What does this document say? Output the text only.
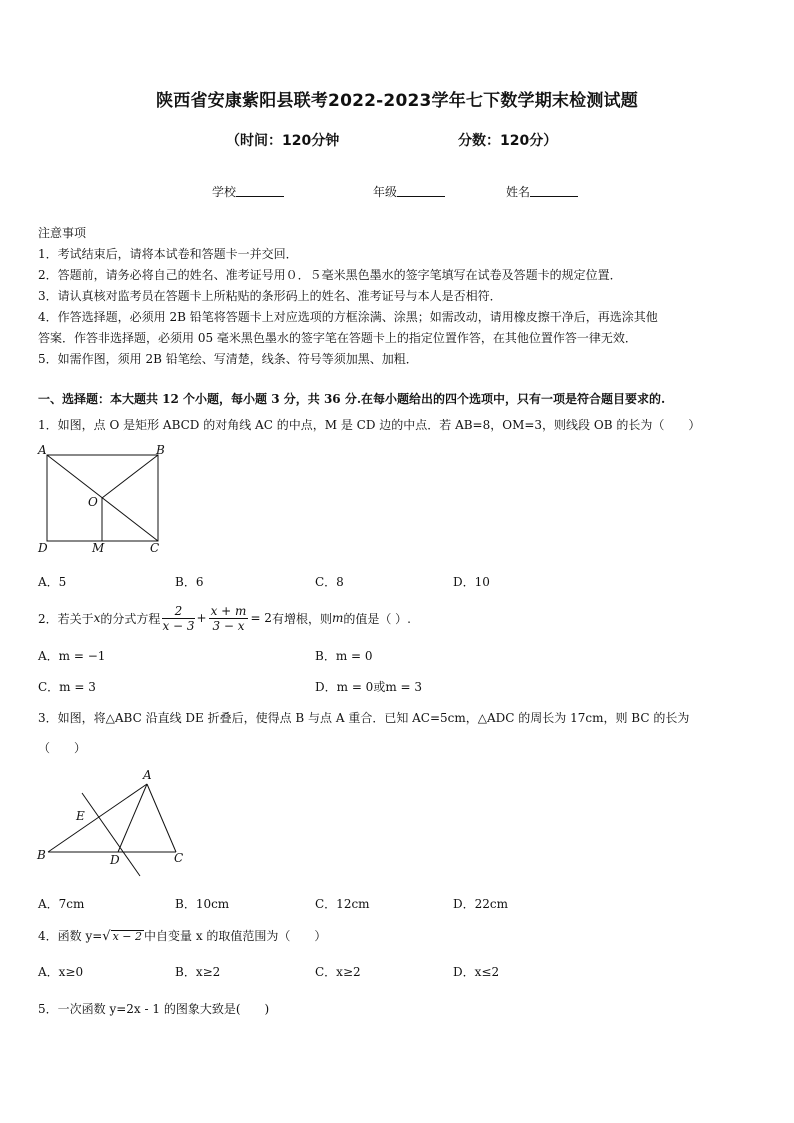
陕西省安康紫阳县联考2022-2023学年七下数学期末检测试题
（时间：120分钟	分数：120分）
学校	年级	姓名
注意事项
1．考试结束后，请将本试卷和答题卡一并交回．
2．答题前，请务必将自己的姓名、准考证号用０．５毫米黑色墨水的签字笔填写在试卷及答题卡的规定位置．
3．请认真核对监考员在答题卡上所粘贴的条形码上的姓名、准考证号与本人是否相符．
4．作答选择题，必须用 2B 铅笔将答题卡上对应选项的方框涂满、涂黑；如需改动，请用橡皮擦干净后，再选涂其他
答案．作答非选择题，必须用 05 毫米黑色墨水的签字笔在答题卡上的指定位置作答，在其他位置作答一律无效．
5．如需作图，须用 2B 铅笔绘、写清楚，线条、符号等须加黑、加粗．
一、选择题：本大题共 12 个小题，每小题 3 分，共 36 分.在每小题给出的四个选项中，只有一项是符合题目要求的.
1．如图，点 O 是矩形 ABCD 的对角线 AC 的中点，M 是 CD 边的中点．若 AB=8，OM=3，则线段 OB 的长为（　　）
A	B
O
D	M	C
A．5	B．6	C．8	D．10
2．若关于 x 的分式方程 $\frac{2}{x - 3} + \frac{x + m}{3 - x} = 2$ 有增根，则 m 的值是（ ）.
A．m = −1	B．m = 0
C．m = 3	D．m = 0或m = 3
3．如图，将△ABC 沿直线 DE 折叠后，使得点 B 与点 A 重合．已知 AC=5cm，△ADC 的周长为 17cm，则 BC 的长为
（　　）
A
E
B	D	C
A．7cm	B．10cm	C．12cm	D．22cm
4．函数 y=√ x − 2 中自变量 x 的取值范围为（　　）
A．x≥0	B．x≥2	C．x≥2	D．x≤2
5．一次函数 y=2x - 1 的图象大致是(　　)
